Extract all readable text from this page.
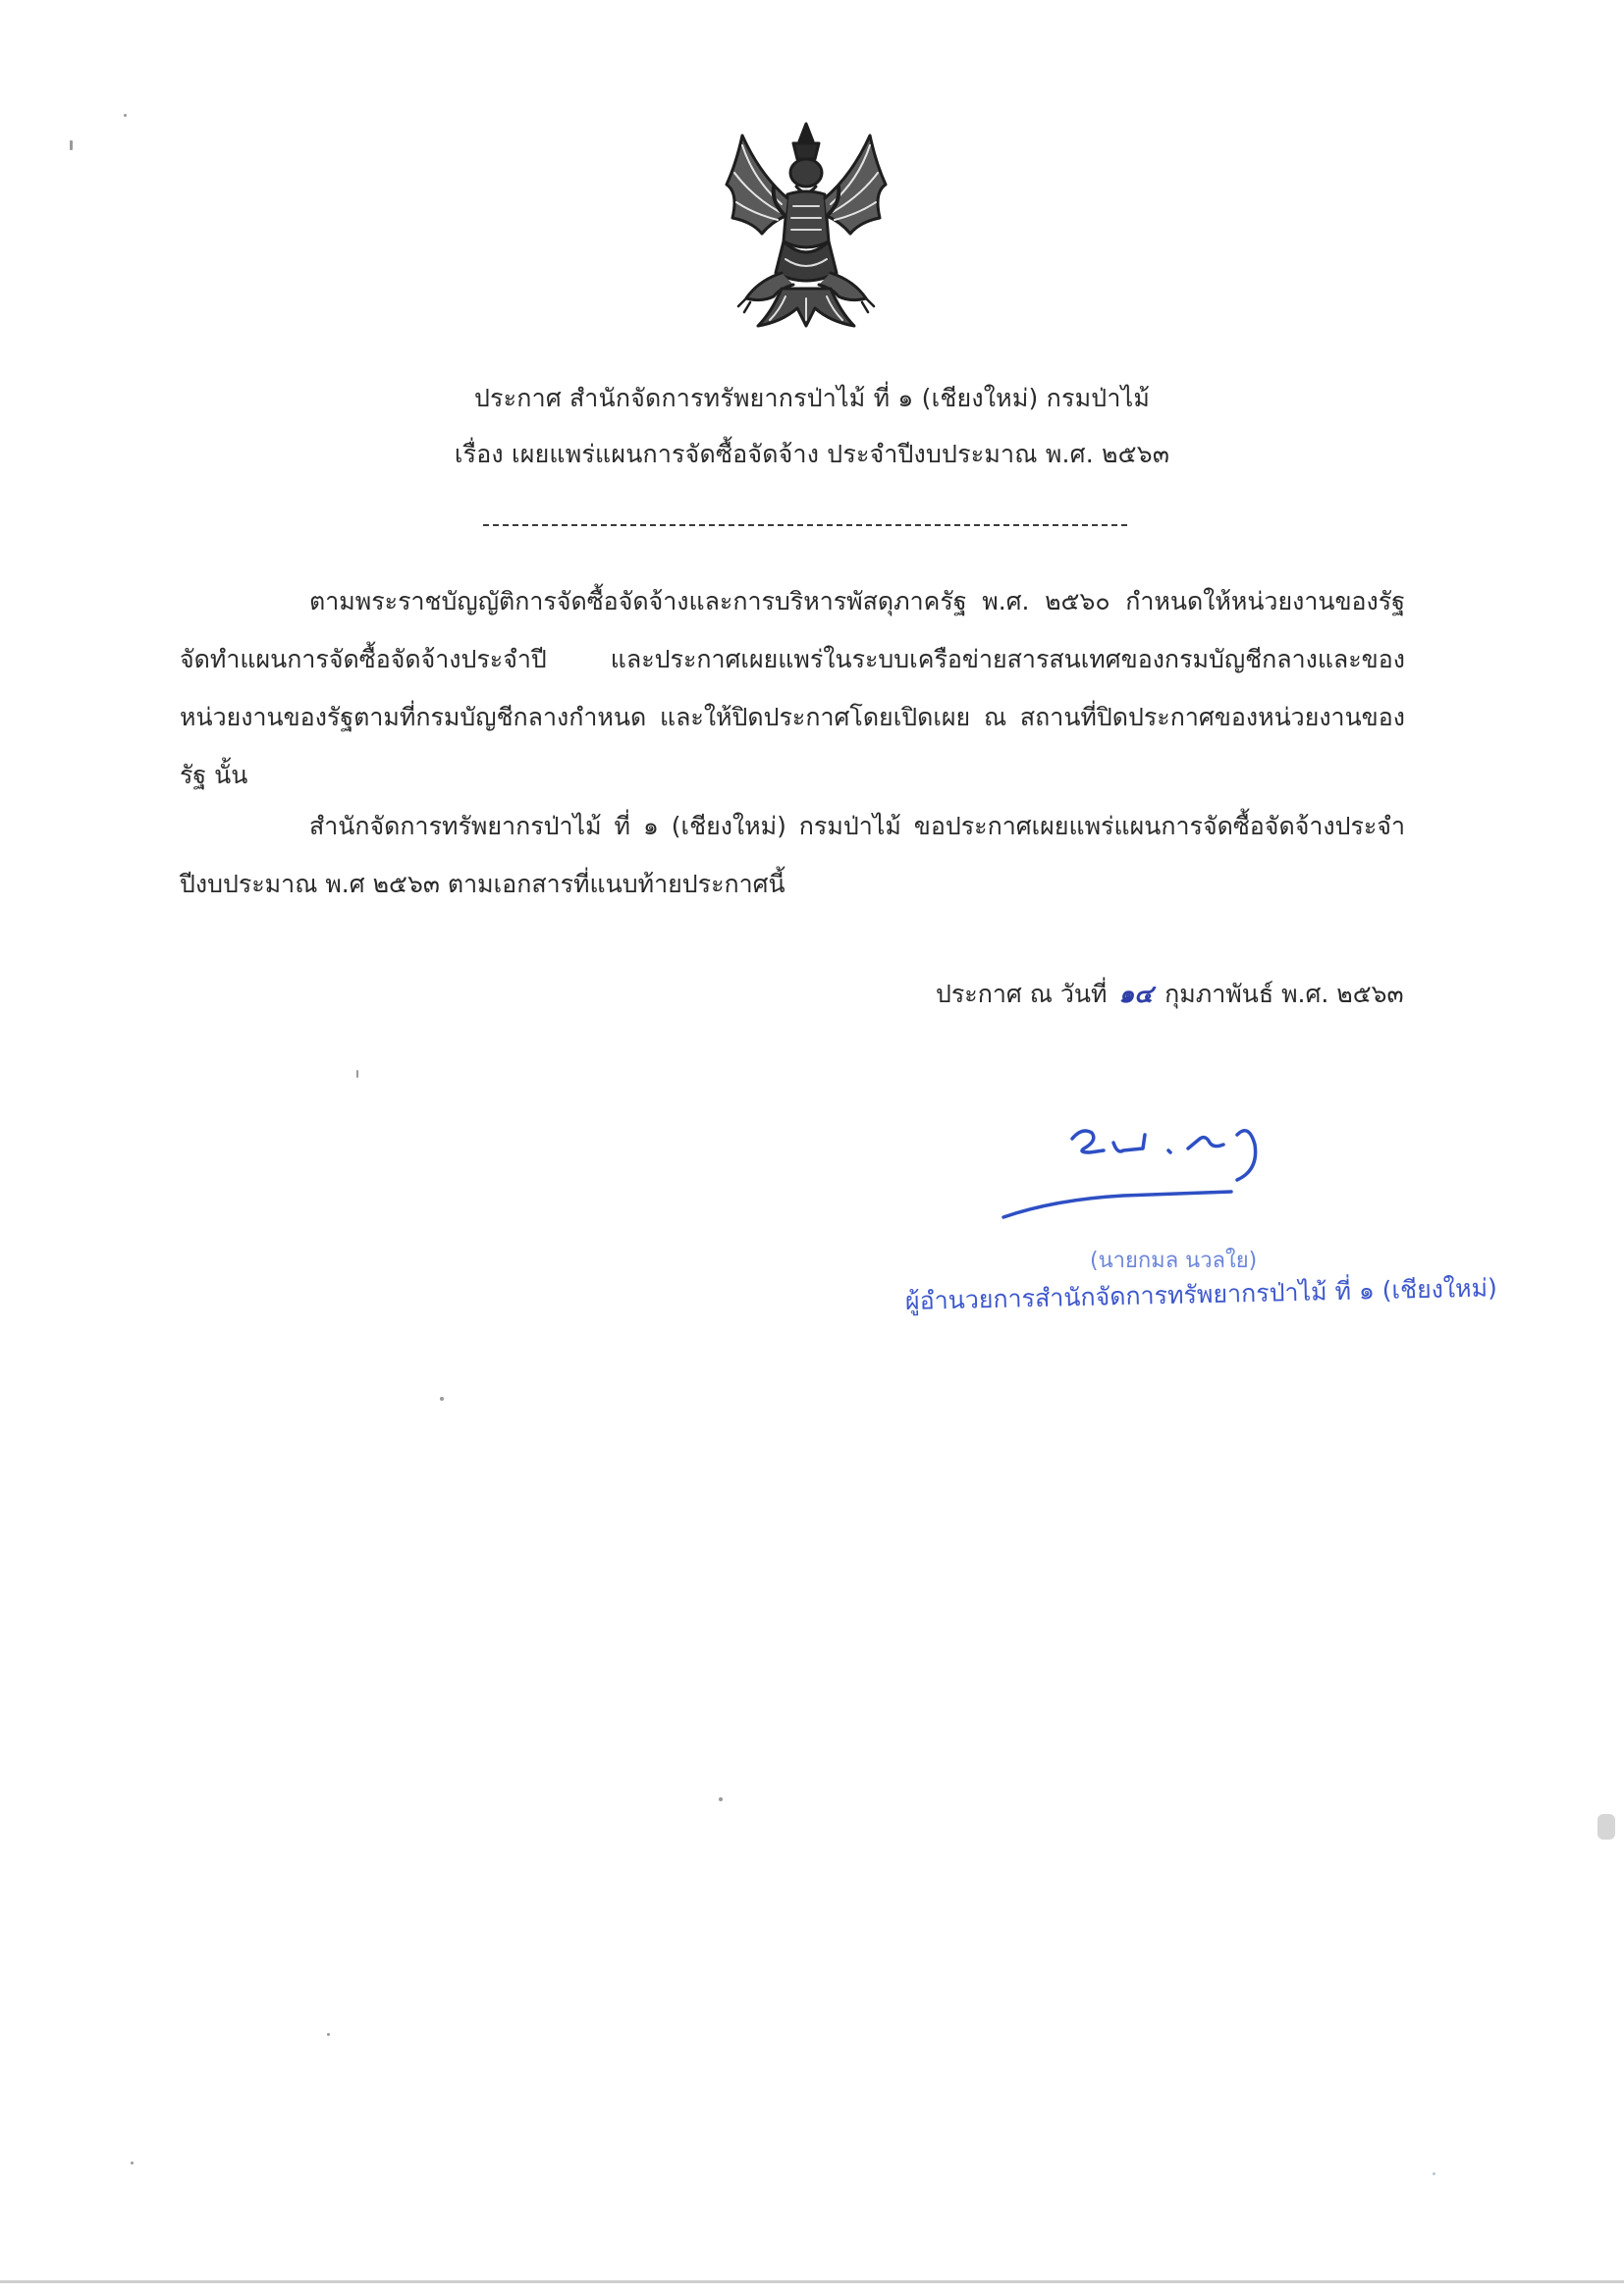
ประกาศ สำนักจัดการทรัพยากรป่าไม้ ที่ ๑ (เชียงใหม่) กรมป่าไม้
เรื่อง เผยแพร่แผนการจัดซื้อจัดจ้าง ประจำปีงบประมาณ พ.ศ. ๒๕๖๓
ตามพระราชบัญญัติการจัดซื้อจัดจ้างและการบริหารพัสดุภาครัฐ พ.ศ. ๒๕๖๐ กำหนดให้หน่วยงานของรัฐจัดทำแผนการจัดซื้อจัดจ้างประจำปี และประกาศเผยแพร่ในระบบเครือข่ายสารสนเทศของกรมบัญชีกลางและของหน่วยงานของรัฐตามที่กรมบัญชีกลางกำหนด และให้ปิดประกาศโดยเปิดเผย ณ สถานที่ปิดประกาศของหน่วยงานของรัฐ นั้น
สำนักจัดการทรัพยากรป่าไม้ ที่ ๑ (เชียงใหม่) กรมป่าไม้ ขอประกาศเผยแพร่แผนการจัดซื้อจัดจ้างประจำปีงบประมาณ พ.ศ ๒๕๖๓ ตามเอกสารที่แนบท้ายประกาศนี้
ประกาศ ณ วันที่ ๑๔ กุมภาพันธ์ พ.ศ. ๒๕๖๓
(นายกมล นวลใย)
ผู้อำนวยการสำนักจัดการทรัพยากรป่าไม้ ที่ ๑ (เชียงใหม่)
